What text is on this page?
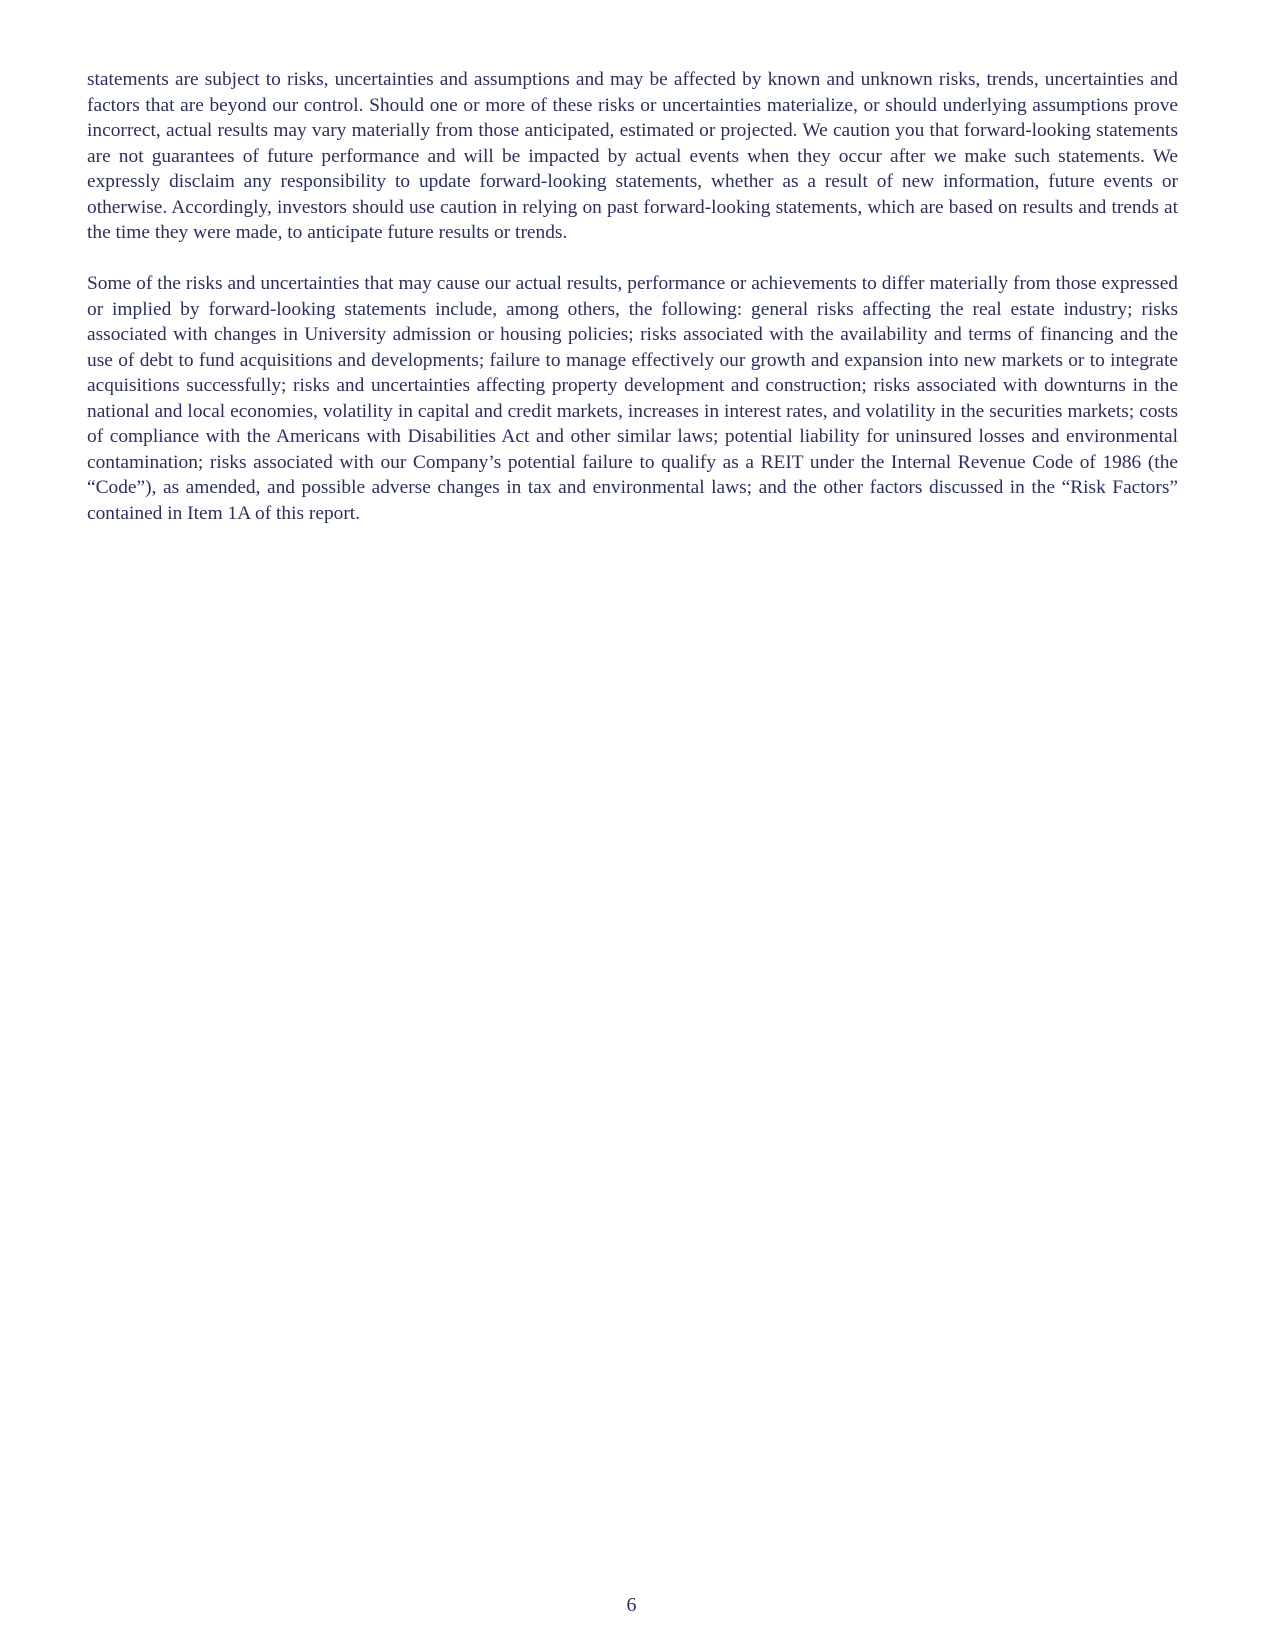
statements are subject to risks, uncertainties and assumptions and may be affected by known and unknown risks, trends, uncertainties and factors that are beyond our control. Should one or more of these risks or uncertainties materialize, or should underlying assumptions prove incorrect, actual results may vary materially from those anticipated, estimated or projected. We caution you that forward-looking statements are not guarantees of future performance and will be impacted by actual events when they occur after we make such statements. We expressly disclaim any responsibility to update forward-looking statements, whether as a result of new information, future events or otherwise. Accordingly, investors should use caution in relying on past forward-looking statements, which are based on results and trends at the time they were made, to anticipate future results or trends.

Some of the risks and uncertainties that may cause our actual results, performance or achievements to differ materially from those expressed or implied by forward-looking statements include, among others, the following: general risks affecting the real estate industry; risks associated with changes in University admission or housing policies; risks associated with the availability and terms of financing and the use of debt to fund acquisitions and developments; failure to manage effectively our growth and expansion into new markets or to integrate acquisitions successfully; risks and uncertainties affecting property development and construction; risks associated with downturns in the national and local economies, volatility in capital and credit markets, increases in interest rates, and volatility in the securities markets; costs of compliance with the Americans with Disabilities Act and other similar laws; potential liability for uninsured losses and environmental contamination; risks associated with our Company’s potential failure to qualify as a REIT under the Internal Revenue Code of 1986 (the “Code”), as amended, and possible adverse changes in tax and environmental laws; and the other factors discussed in the “Risk Factors” contained in Item 1A of this report.

6
